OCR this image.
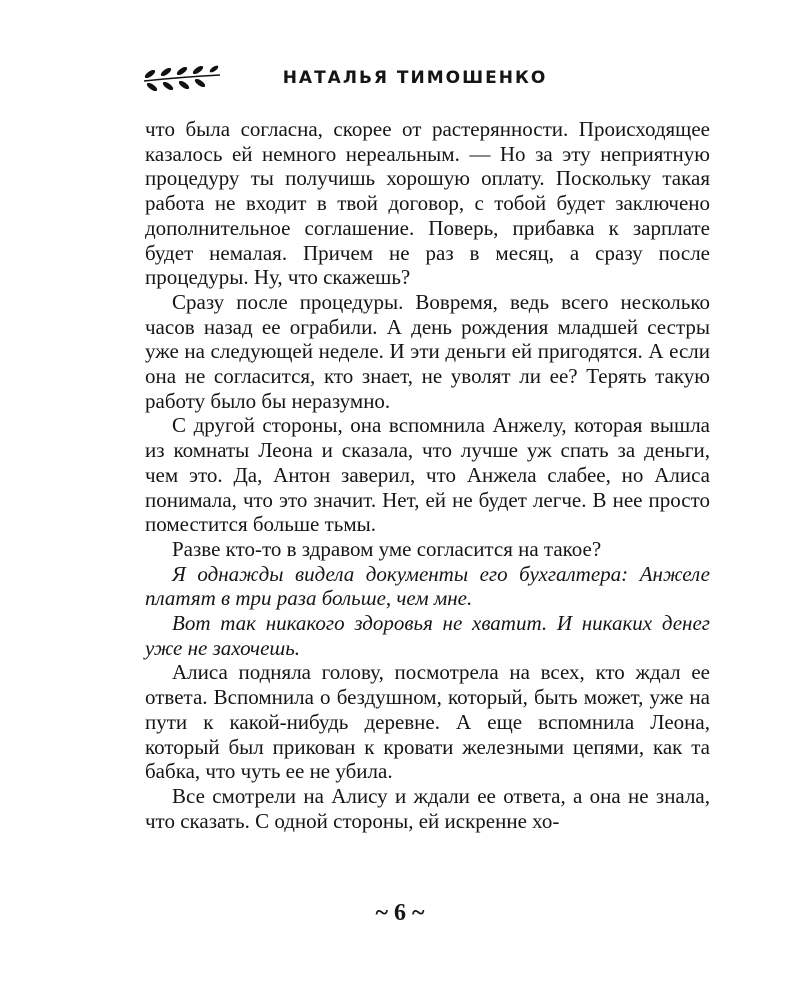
НАТАЛЬЯ ТИМОШЕНКО

что была согласна, скорее от растерянности. Происходящее казалось ей немного нереальным. — Но за эту неприятную процедуру ты получишь хорошую оплату. Поскольку такая работа не входит в твой договор, с тобой будет заключено дополнительное соглашение. Поверь, прибавка к зарплате будет немалая. Причем не раз в месяц, а сразу после процедуры. Ну, что скажешь?

Сразу после процедуры. Вовремя, ведь всего несколько часов назад ее ограбили. А день рождения младшей сестры уже на следующей неделе. И эти деньги ей пригодятся. А если она не согласится, кто знает, не уволят ли ее? Терять такую работу было бы неразумно.

С другой стороны, она вспомнила Анжелу, которая вышла из комнаты Леона и сказала, что лучше уж спать за деньги, чем это. Да, Антон заверил, что Анжела слабее, но Алиса понимала, что это значит. Нет, ей не будет легче. В нее просто поместится больше тьмы.

Разве кто-то в здравом уме согласится на такое?

Я однажды видела документы его бухгалтера: Анжеле платят в три раза больше, чем мне.

Вот так никакого здоровья не хватит. И никаких денег уже не захочешь.

Алиса подняла голову, посмотрела на всех, кто ждал ее ответа. Вспомнила о бездушном, который, быть может, уже на пути к какой-нибудь деревне. А еще вспомнила Леона, который был прикован к кровати железными цепями, как та бабка, что чуть ее не убила.

Все смотрели на Алису и ждали ее ответа, а она не знала, что сказать. С одной стороны, ей искренне хо-

~ 6 ~
